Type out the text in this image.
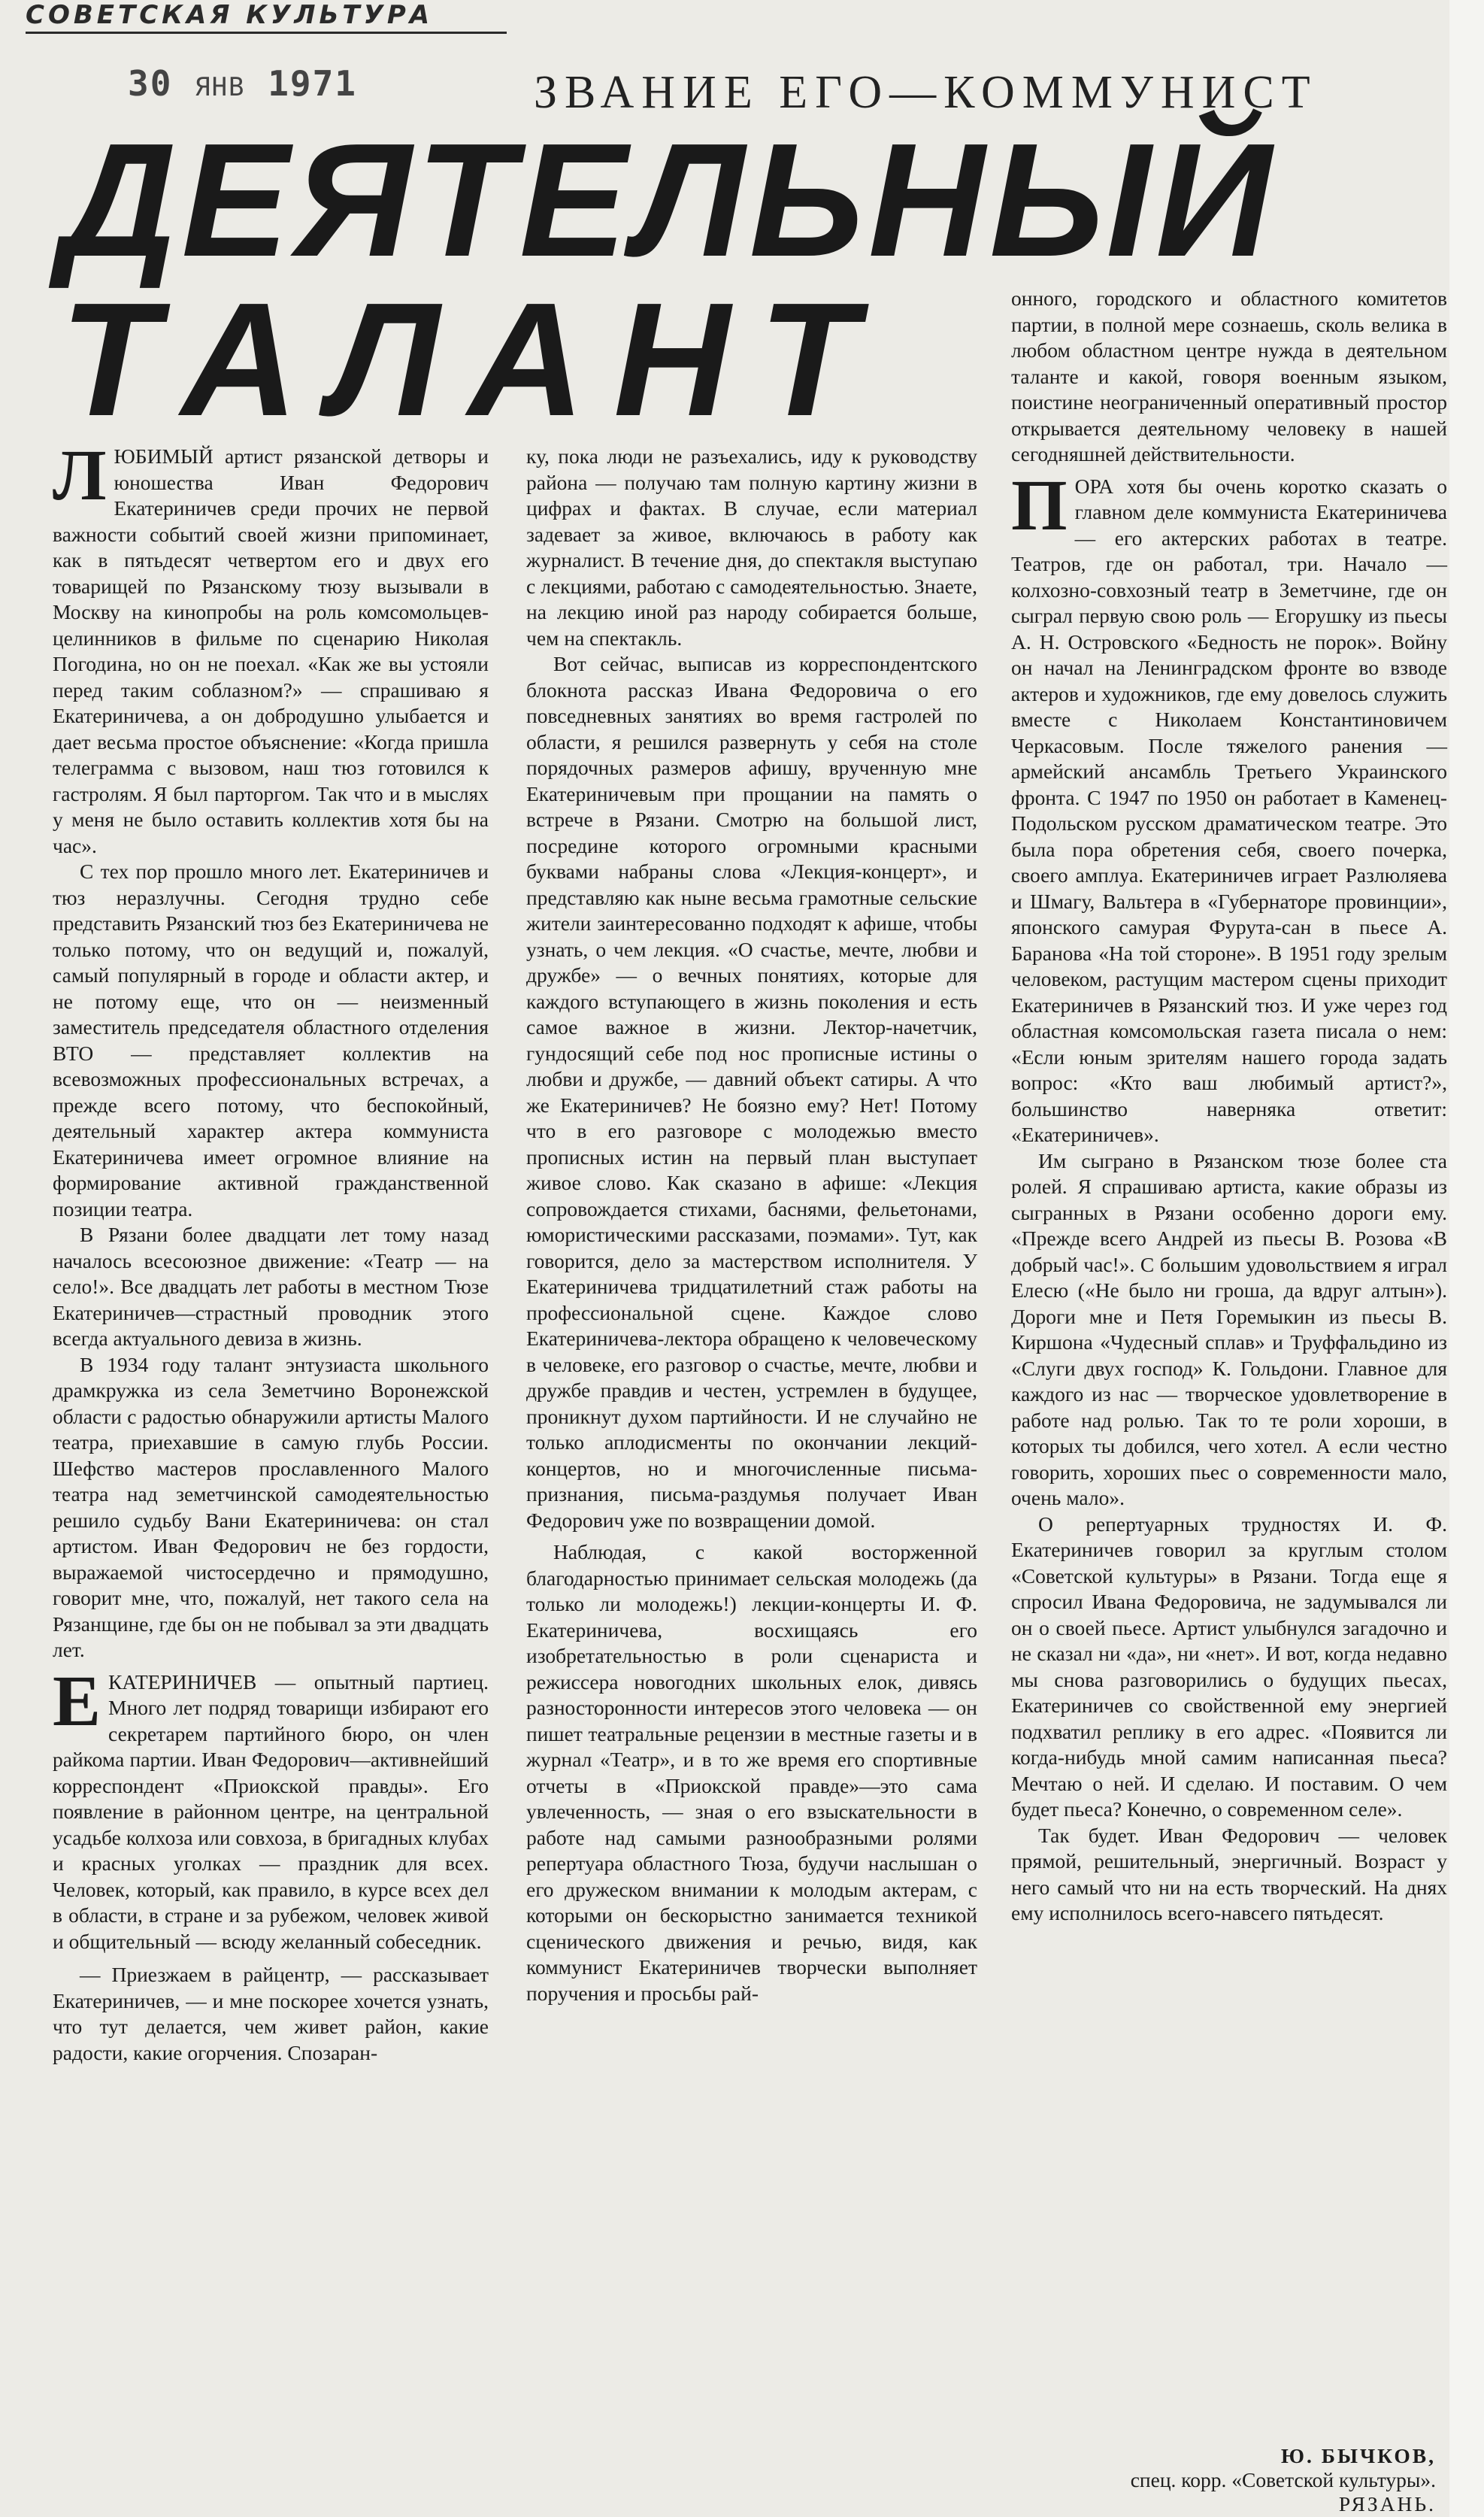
СОВЕТСКАЯ КУЛЬТУРА
30 ЯНВ 1971	ЗВАНИЕ ЕГО—КОММУНИСТ
ДЕЯТЕЛЬНЫЙ
ТАЛАНТ

ЛЮБИМЫЙ артист рязанской детворы и юношества Иван Федорович Екатериничев среди прочих не первой важности событий своей жизни припоминает, как в пятьдесят четвертом его и двух его товарищей по Рязанскому тюзу вызывали в Москву на кинопробы на роль комсомольцев-целинников в фильме по сценарию Николая Погодина, но он не поехал. «Как же вы устояли перед таким соблазном?» — спрашиваю я Екатериничева, а он добродушно улыбается и дает весьма простое объяснение: «Когда пришла телеграмма с вызовом, наш тюз готовился к гастролям. Я был парторгом. Так что и в мыслях у меня не было оставить коллектив хотя бы на час».

С тех пор прошло много лет. Екатериничев и тюз неразлучны. Сегодня трудно себе представить Рязанский тюз без Екатериничева не только потому, что он ведущий и, пожалуй, самый популярный в городе и области актер, и не потому еще, что он — неизменный заместитель председателя областного отделения ВТО — представляет коллектив на всевозможных профессиональных встречах, а прежде всего потому, что беспокойный, деятельный характер актера коммуниста Екатериничева имеет огромное влияние на формирование активной гражданственной позиции театра.

В Рязани более двадцати лет тому назад началось всесоюзное движение: «Театр — на село!». Все двадцать лет работы в местном Тюзе Екатериничев—страстный проводник этого всегда актуального девиза в жизнь.

В 1934 году талант энтузиаста школьного драмкружка из села Земетчино Воронежской области с радостью обнаружили артисты Малого театра, приехавшие в самую глубь России. Шефство мастеров прославленного Малого театра над земетчинской самодеятельностью решило судьбу Вани Екатериничева: он стал артистом. Иван Федорович не без гордости, выражаемой чистосердечно и прямодушно, говорит мне, что, пожалуй, нет такого села на Рязанщине, где бы он не побывал за эти двадцать лет.

ЕКАТЕРИНИЧЕВ — опытный партиец. Много лет подряд товарищи избирают его секретарем партийного бюро, он член райкома партии. Иван Федорович—активнейший корреспондент «Приокской правды». Его появление в районном центре, на центральной усадьбе колхоза или совхоза, в бригадных клубах и красных уголках — праздник для всех. Человек, который, как правило, в курсе всех дел в области, в стране и за рубежом, человек живой и общительный — всюду желанный собеседник.

— Приезжаем в райцентр, — рассказывает Екатериничев, — и мне поскорее хочется узнать, что тут делается, чем живет район, какие радости, какие огорчения. Спозаран-

ку, пока люди не разъехались, иду к руководству района — получаю там полную картину жизни в цифрах и фактах. В случае, если материал задевает за живое, включаюсь в работу как журналист. В течение дня, до спектакля выступаю с лекциями, работаю с самодеятельностью. Знаете, на лекцию иной раз народу собирается больше, чем на спектакль.

Вот сейчас, выписав из корреспондентского блокнота рассказ Ивана Федоровича о его повседневных занятиях во время гастролей по области, я решился развернуть у себя на столе порядочных размеров афишу, врученную мне Екатериничевым при прощании на память о встрече в Рязани. Смотрю на большой лист, посредине которого огромными красными буквами набраны слова «Лекция-концерт», и представляю как ныне весьма грамотные сельские жители заинтересованно подходят к афише, чтобы узнать, о чем лекция. «О счастье, мечте, любви и дружбе» — о вечных понятиях, которые для каждого вступающего в жизнь поколения и есть самое важное в жизни. Лектор-начетчик, гундосящий себе под нос прописные истины о любви и дружбе, — давний объект сатиры. А что же Екатериничев? Не боязно ему? Нет! Потому что в его разговоре с молодежью вместо прописных истин на первый план выступает живое слово. Как сказано в афише: «Лекция сопровождается стихами, баснями, фельетонами, юмористическими рассказами, поэмами». Тут, как говорится, дело за мастерством исполнителя. У Екатериничева тридцатилетний стаж работы на профессиональной сцене. Каждое слово Екатериничева-лектора обращено к человеческому в человеке, его разговор о счастье, мечте, любви и дружбе правдив и честен, устремлен в будущее, проникнут духом партийности. И не случайно не только аплодисменты по окончании лекций-концертов, но и многочисленные письма-признания, письма-раздумья получает Иван Федорович уже по возвращении домой.

Наблюдая, с какой восторженной благодарностью принимает сельская молодежь (да только ли молодежь!) лекции-концерты И. Ф. Екатериничева, восхищаясь его изобретательностью в роли сценариста и режиссера новогодних школьных елок, дивясь разносторонности интересов этого человека — он пишет театральные рецензии в местные газеты и в журнал «Театр», и в то же время его спортивные отчеты в «Приокской правде»—это сама увлеченность, — зная о его взыскательности в работе над самыми разнообразными ролями репертуара областного Тюза, будучи наслышан о его дружеском внимании к молодым актерам, с которыми он бескорыстно занимается техникой сценического движения и речью, видя, как коммунист Екатериничев творчески выполняет поручения и просьбы рай-

онного, городского и областного комитетов партии, в полной мере сознаешь, сколь велика в любом областном центре нужда в деятельном таланте и какой, говоря военным языком, поистине неограниченный оперативный простор открывается деятельному человеку в нашей сегодняшней действительности.

ПОРА хотя бы очень коротко сказать о главном деле коммуниста Екатериничева — его актерских работах в театре. Театров, где он работал, три. Начало — колхозно-совхозный театр в Земетчине, где он сыграл первую свою роль — Егорушку из пьесы А. Н. Островского «Бедность не порок». Войну он начал на Ленинградском фронте во взводе актеров и художников, где ему довелось служить вместе с Николаем Константиновичем Черкасовым. После тяжелого ранения — армейский ансамбль Третьего Украинского фронта. С 1947 по 1950 он работает в Каменец-Подольском русском драматическом театре. Это была пора обретения себя, своего почерка, своего амплуа. Екатериничев играет Разлюляева и Шмагу, Вальтера в «Губернаторе провинции», японского самурая Фурута-сан в пьесе А. Баранова «На той стороне». В 1951 году зрелым человеком, растущим мастером сцены приходит Екатериничев в Рязанский тюз. И уже через год областная комсомольская газета писала о нем: «Если юным зрителям нашего города задать вопрос: «Кто ваш любимый артист?», большинство наверняка ответит: «Екатериничев».

Им сыграно в Рязанском тюзе более ста ролей. Я спрашиваю артиста, какие образы из сыгранных в Рязани особенно дороги ему. «Прежде всего Андрей из пьесы В. Розова «В добрый час!». С большим удовольствием я играл Елесю («Не было ни гроша, да вдруг алтын»). Дороги мне и Петя Горемыкин из пьесы В. Киршона «Чудесный сплав» и Труффальдино из «Слуги двух господ» К. Гольдони. Главное для каждого из нас — творческое удовлетворение в работе над ролью. Так то те роли хороши, в которых ты добился, чего хотел. А если честно говорить, хороших пьес о современности мало, очень мало».

О репертуарных трудностях И. Ф. Екатериничев говорил за круглым столом «Советской культуры» в Рязани. Тогда еще я спросил Ивана Федоровича, не задумывался ли он о своей пьесе. Артист улыбнулся загадочно и не сказал ни «да», ни «нет». И вот, когда недавно мы снова разговорились о будущих пьесах, Екатериничев со свойственной ему энергией подхватил реплику в его адрес. «Появится ли когда-нибудь мной самим написанная пьеса? Мечтаю о ней. И сделаю. И поставим. О чем будет пьеса? Конечно, о современном селе».

Так будет. Иван Федорович — человек прямой, решительный, энергичный. Возраст у него самый что ни на есть творческий. На днях ему исполнилось всего-навсего пятьдесят.

Ю. БЫЧКОВ,
спец. корр. «Советской культуры».
РЯЗАНЬ.
